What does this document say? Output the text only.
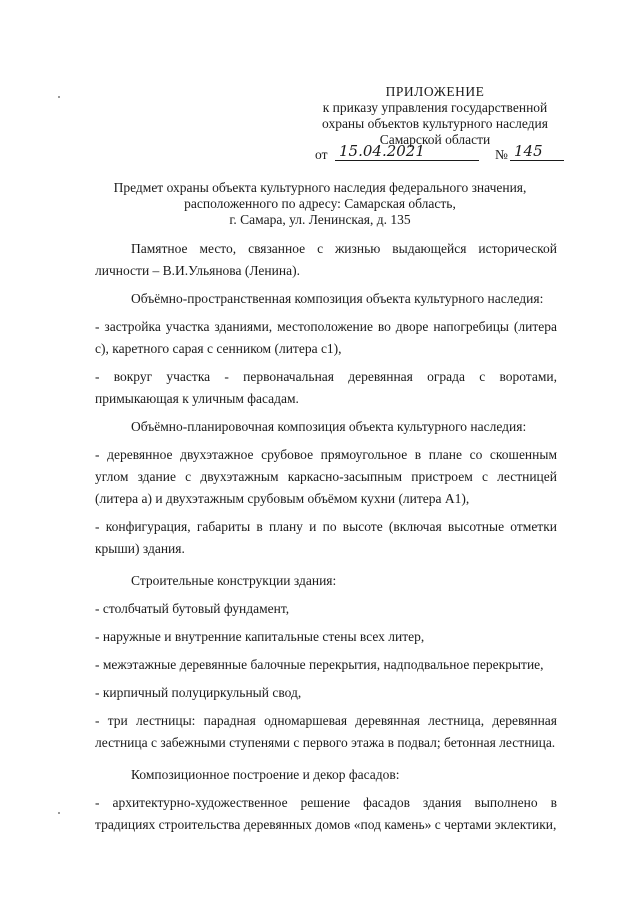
ПРИЛОЖЕНИЕ
к приказу управления государственной
охраны объектов культурного наследия
Самарской области
от 15.04.2021	№ 145
Предмет охраны объекта культурного наследия федерального значения,
расположенного по адресу: Самарская область,
г. Самара, ул. Ленинская, д. 135

Памятное место, связанное с жизнью выдающейся исторической личности – В.И.Ульянова (Ленина).

Объёмно-пространственная композиция объекта культурного наследия:

- застройка участка зданиями, местоположение во дворе напогребицы (литера с), каретного сарая с сенником (литера с1),

- вокруг участка - первоначальная деревянная ограда с воротами, примыкающая к уличным фасадам.

Объёмно-планировочная композиция объекта культурного наследия:

- деревянное двухэтажное срубовое прямоугольное в плане со скошенным углом здание с двухэтажным каркасно-засыпным пристроем с лестницей (литера а) и двухэтажным срубовым объёмом кухни (литера А1),

- конфигурация, габариты в плану и по высоте (включая высотные отметки крыши) здания.

Строительные конструкции здания:

- столбчатый бутовый фундамент,

- наружные и внутренние капитальные стены всех литер,

- межэтажные деревянные балочные перекрытия, надподвальное перекрытие,

- кирпичный полуциркульный свод,

- три лестницы: парадная одномаршевая деревянная лестница, деревянная лестница с забежными ступенями с первого этажа в подвал; бетонная лестница.

Композиционное построение и декор фасадов:

- архитектурно-художественное решение фасадов здания выполнено в традициях строительства деревянных домов «под камень» с чертами эклектики,
